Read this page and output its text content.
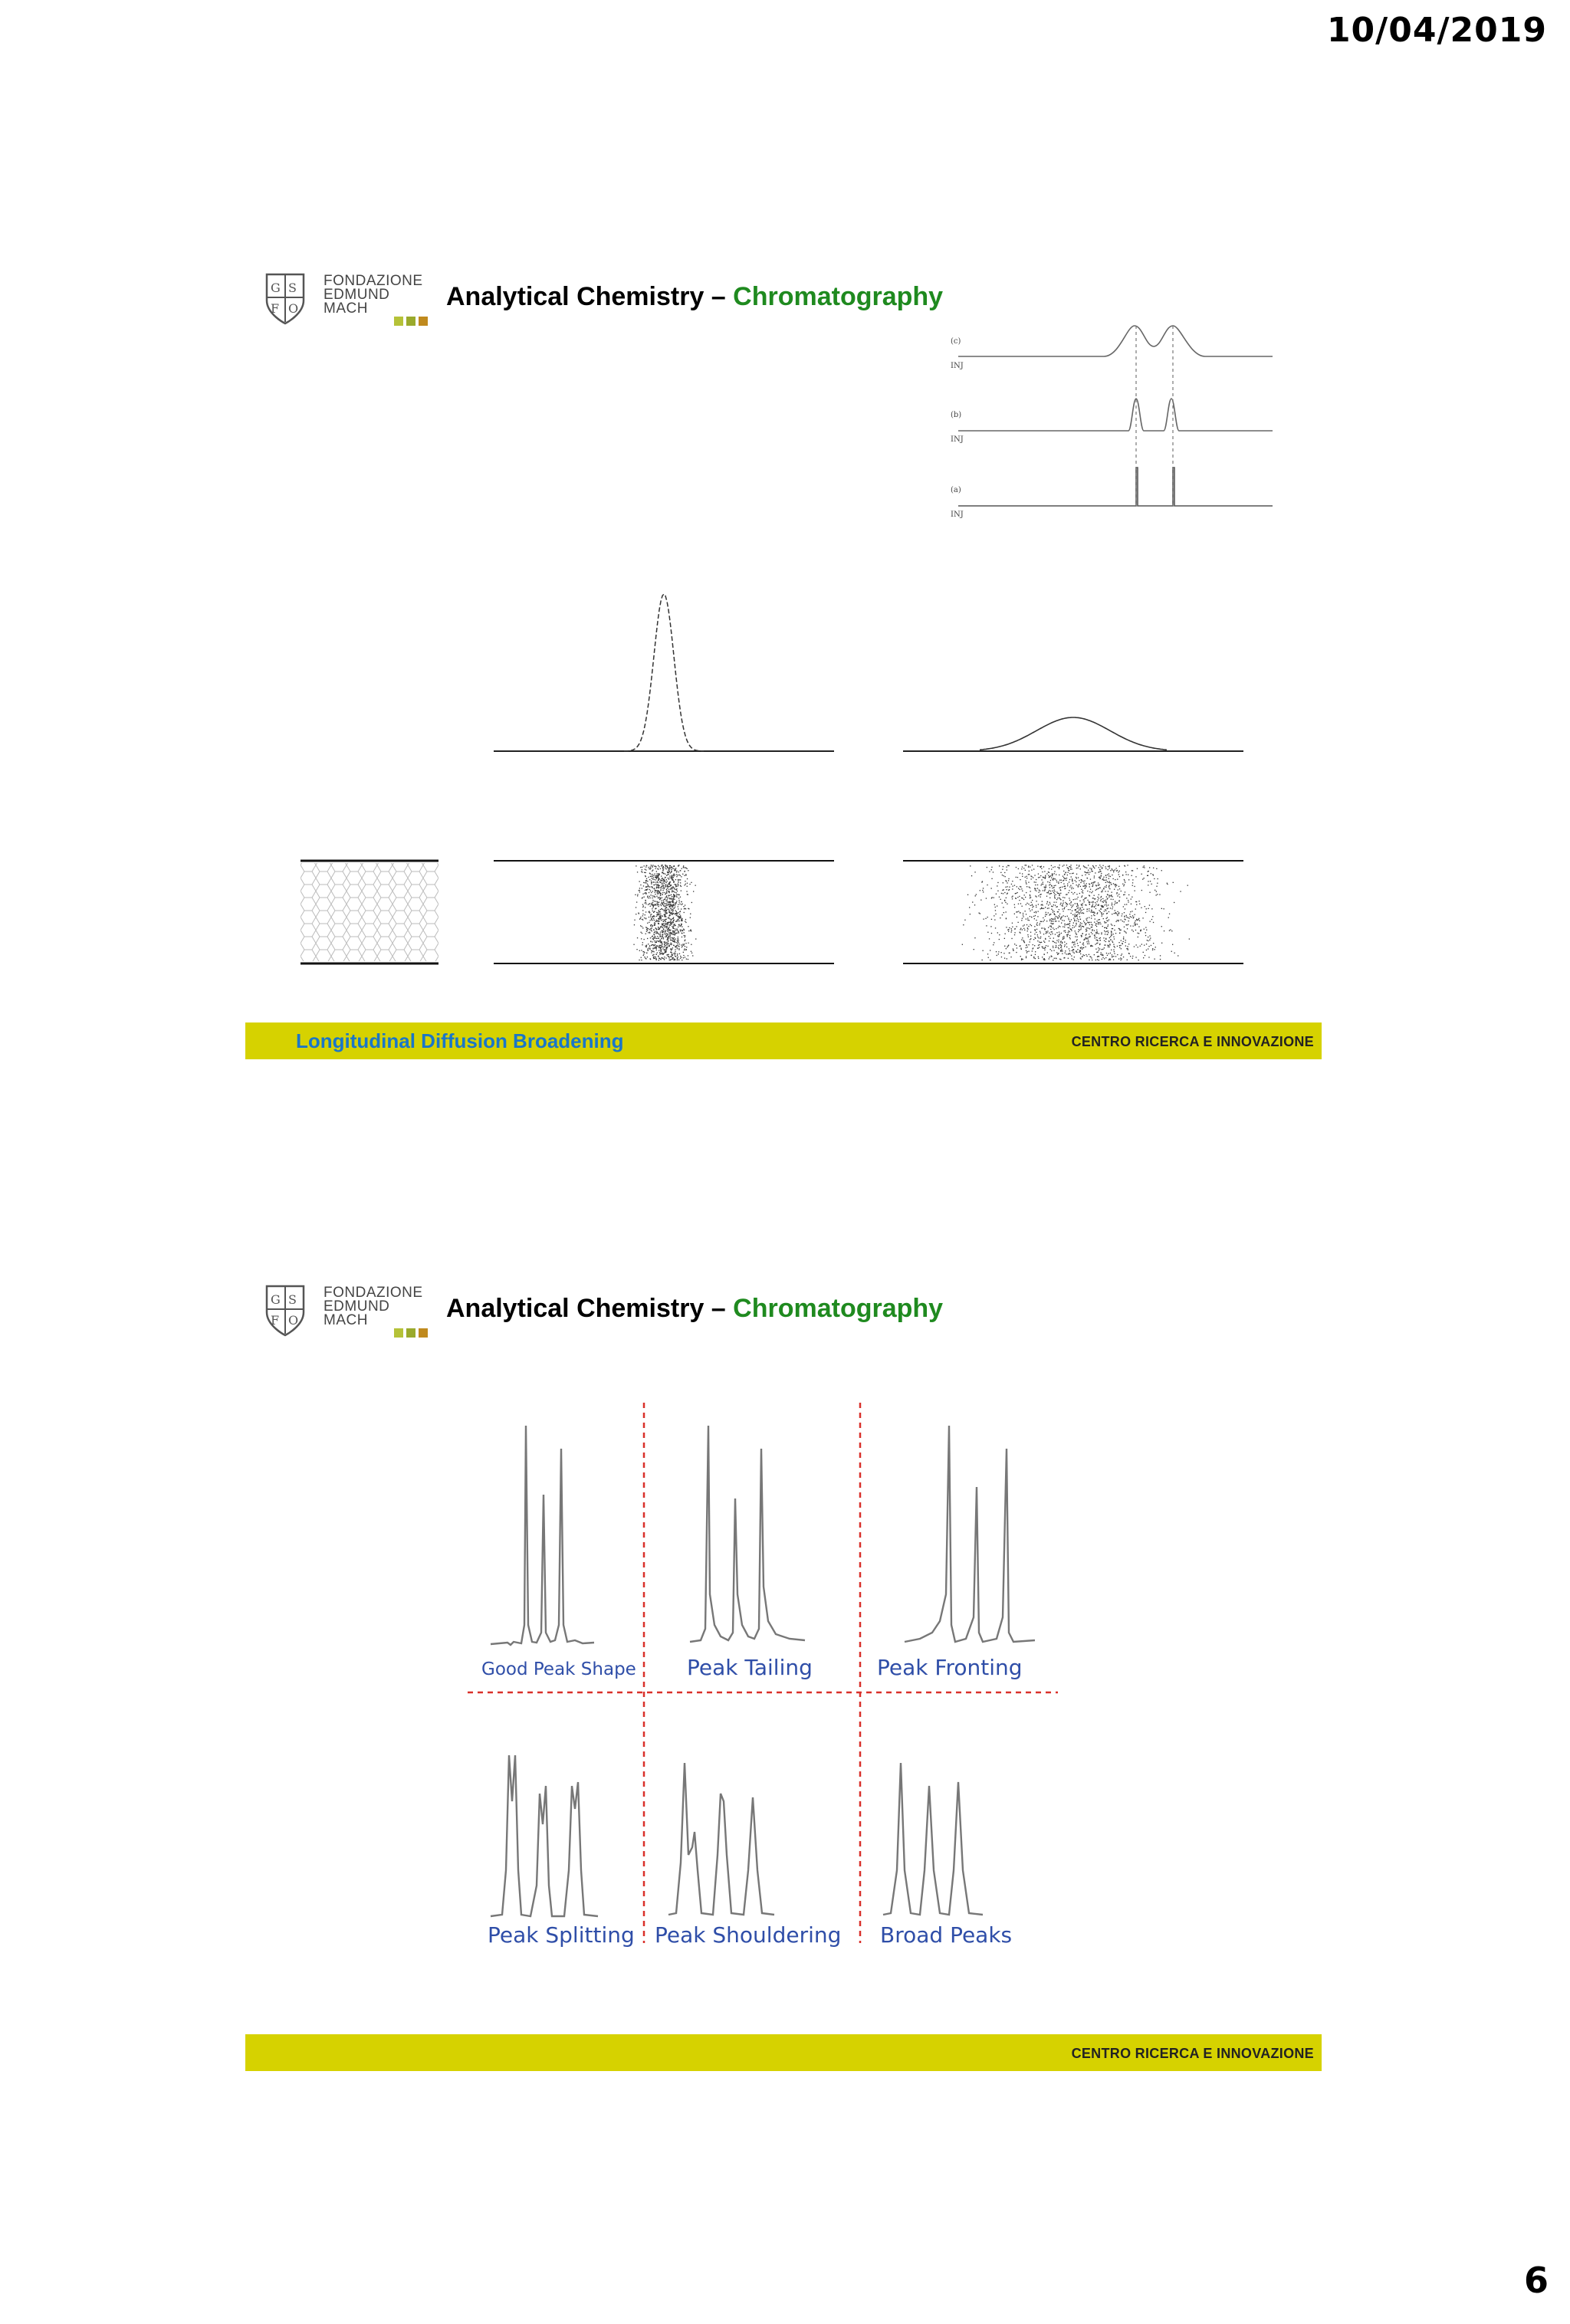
10/04/2019
G S
F O
FONDAZIONE
EDMUND
MACH	Analytical Chemistry – Chromatography
(c)
INJ
(b)
INJ
(a)
INJ
Longitudinal Diffusion Broadening	CENTRO RICERCA E INNOVAZIONE
G S
F O
FONDAZIONE
EDMUND
MACH	Analytical Chemistry – Chromatography
Good Peak Shape Peak Tailing	Peak Fronting
Peak Splitting Peak Shouldering Broad Peaks
CENTRO RICERCA E INNOVAZIONE
6
